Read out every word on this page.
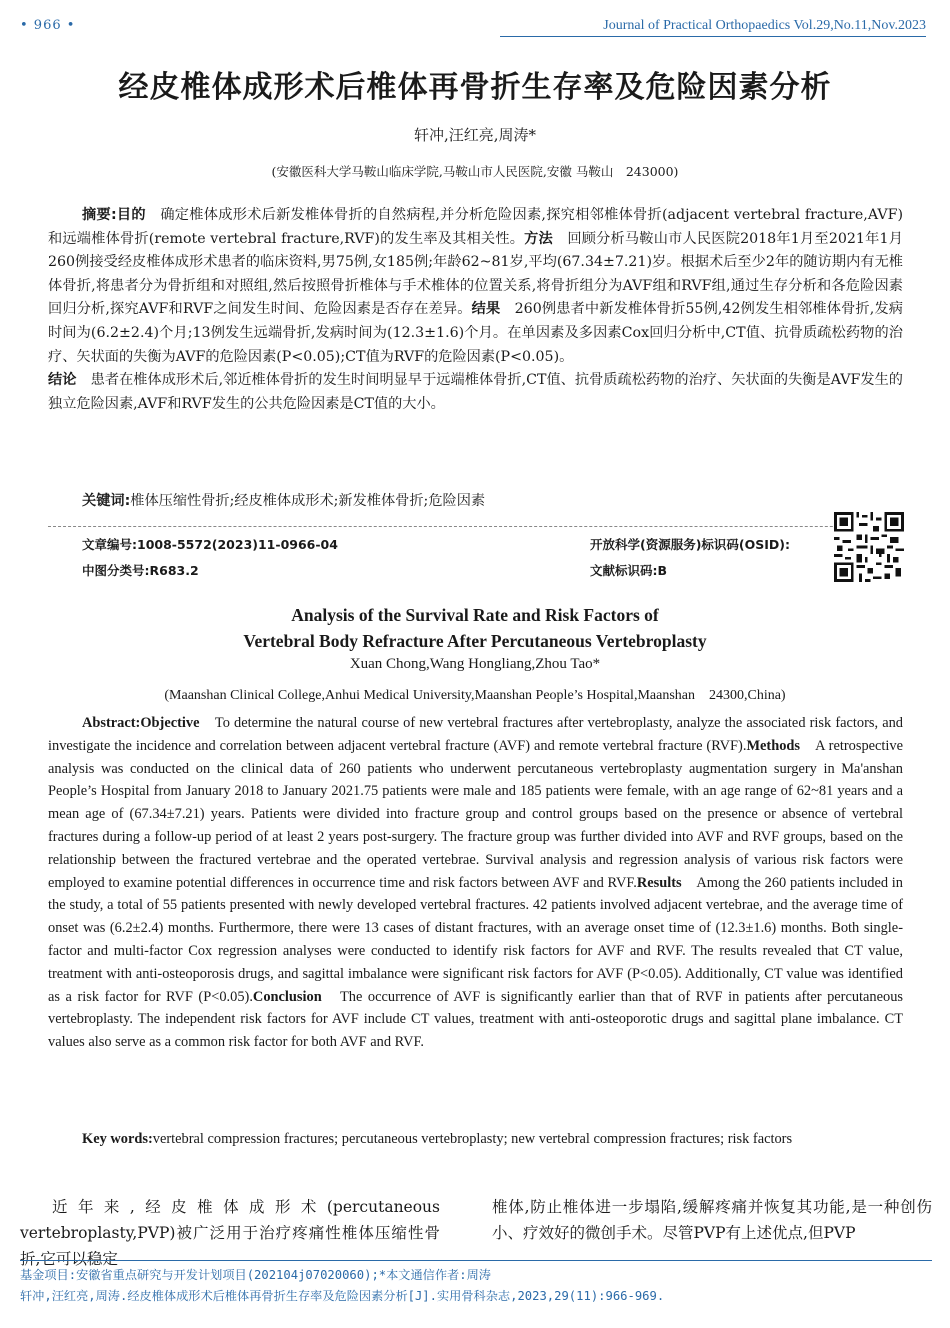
• 966 •	Journal of Practical Orthopaedics Vol.29,No.11,Nov.2023
经皮椎体成形术后椎体再骨折生存率及危险因素分析
轩冲,汪红亮,周涛*
(安徽医科大学马鞍山临床学院,马鞍山市人民医院,安徽 马鞍山　243000)
摘要:目的　确定椎体成形术后新发椎体骨折的自然病程,并分析危险因素,探究相邻椎体骨折(adjacent vertebral fracture,AVF)和远端椎体骨折(remote vertebral fracture,RVF)的发生率及其相关性。方法　回顾分析马鞍山市人民医院2018年1月至2021年1月260例接受经皮椎体成形术患者的临床资料,男75例,女185例;年龄62~81岁,平均(67.34±7.21)岁。根据术后至少2年的随访期内有无椎体骨折,将患者分为骨折组和对照组,然后按照骨折椎体与手术椎体的位置关系,将骨折组分为AVF组和RVF组,通过生存分析和各危险因素回归分析,探究AVF和RVF之间发生时间、危险因素是否存在差异。结果　260例患者中新发椎体骨折55例,42例发生相邻椎体骨折,发病时间为(6.2±2.4)个月;13例发生远端骨折,发病时间为(12.3±1.6)个月。在单因素及多因素Cox回归分析中,CT值、抗骨质疏松药物的治疗、矢状面的失衡为AVF的危险因素(P<0.05);CT值为RVF的危险因素(P<0.05)。
结论　患者在椎体成形术后,邻近椎体骨折的发生时间明显早于远端椎体骨折,CT值、抗骨质疏松药物的治疗、矢状面的失衡是AVF发生的独立危险因素,AVF和RVF发生的公共危险因素是CT值的大小。
关键词:椎体压缩性骨折;经皮椎体成形术;新发椎体骨折;危险因素
文章编号:1008-5572(2023)11-0966-04
中图分类号:R683.2
开放科学(资源服务)标识码(OSID):
文献标识码:B
Analysis of the Survival Rate and Risk Factors of
Vertebral Body Refracture After Percutaneous Vertebroplasty
Xuan Chong,Wang Hongliang,Zhou Tao*
(Maanshan Clinical College,Anhui Medical University,Maanshan People’s Hospital,Maanshan　24300,China)
Abstract:Objective　To determine the natural course of new vertebral fractures after vertebroplasty, analyze the associated risk factors, and investigate the incidence and correlation between adjacent vertebral fracture (AVF) and remote vertebral fracture (RVF).Methods　A retrospective analysis was conducted on the clinical data of 260 patients who underwent percutaneous vertebroplasty augmentation surgery in Ma'anshan People’s Hospital from January 2018 to January 2021.75 patients were male and 185 patients were female, with an age range of 62~81 years and a mean age of (67.34±7.21) years. Patients were divided into fracture group and control groups based on the presence or absence of vertebral fractures during a follow-up period of at least 2 years post-surgery. The fracture group was further divided into AVF and RVF groups, based on the relationship between the fractured vertebrae and the operated vertebrae. Survival analysis and regression analysis of various risk factors were employed to examine potential differences in occurrence time and risk factors between AVF and RVF.Results　Among the 260 patients included in the study, a total of 55 patients presented with newly developed vertebral fractures. 42 patients involved adjacent vertebrae, and the average time of onset was (6.2±2.4) months. Furthermore, there were 13 cases of distant fractures, with an average onset time of (12.3±1.6) months. Both single-factor and multi-factor Cox regression analyses were conducted to identify risk factors for AVF and RVF. The results revealed that CT value, treatment with anti-osteoporosis drugs, and sagittal imbalance were significant risk factors for AVF (P<0.05). Additionally, CT value was identified as a risk factor for RVF (P<0.05).Conclusion　The occurrence of AVF is significantly earlier than that of RVF in patients after percutaneous vertebroplasty. The independent risk factors for AVF include CT values, treatment with anti-osteoporotic drugs and sagittal plane imbalance. CT values also serve as a common risk factor for both AVF and RVF.
Key words:vertebral compression fractures; percutaneous vertebroplasty; new vertebral compression fractures; risk factors
近年来,经皮椎体成形术(percutaneous vertebroplasty,PVP)被广泛用于治疗疼痛性椎体压缩性骨折,它可以稳定
椎体,防止椎体进一步塌陷,缓解疼痛并恢复其功能,是一种创伤小、疗效好的微创手术。尽管PVP有上述优点,但PVP
基金项目:安徽省重点研究与开发计划项目(202104j07020060);*本文通信作者:周涛
轩冲,汪红亮,周涛.经皮椎体成形术后椎体再骨折生存率及危险因素分析[J].实用骨科杂志,2023,29(11):966-969.
